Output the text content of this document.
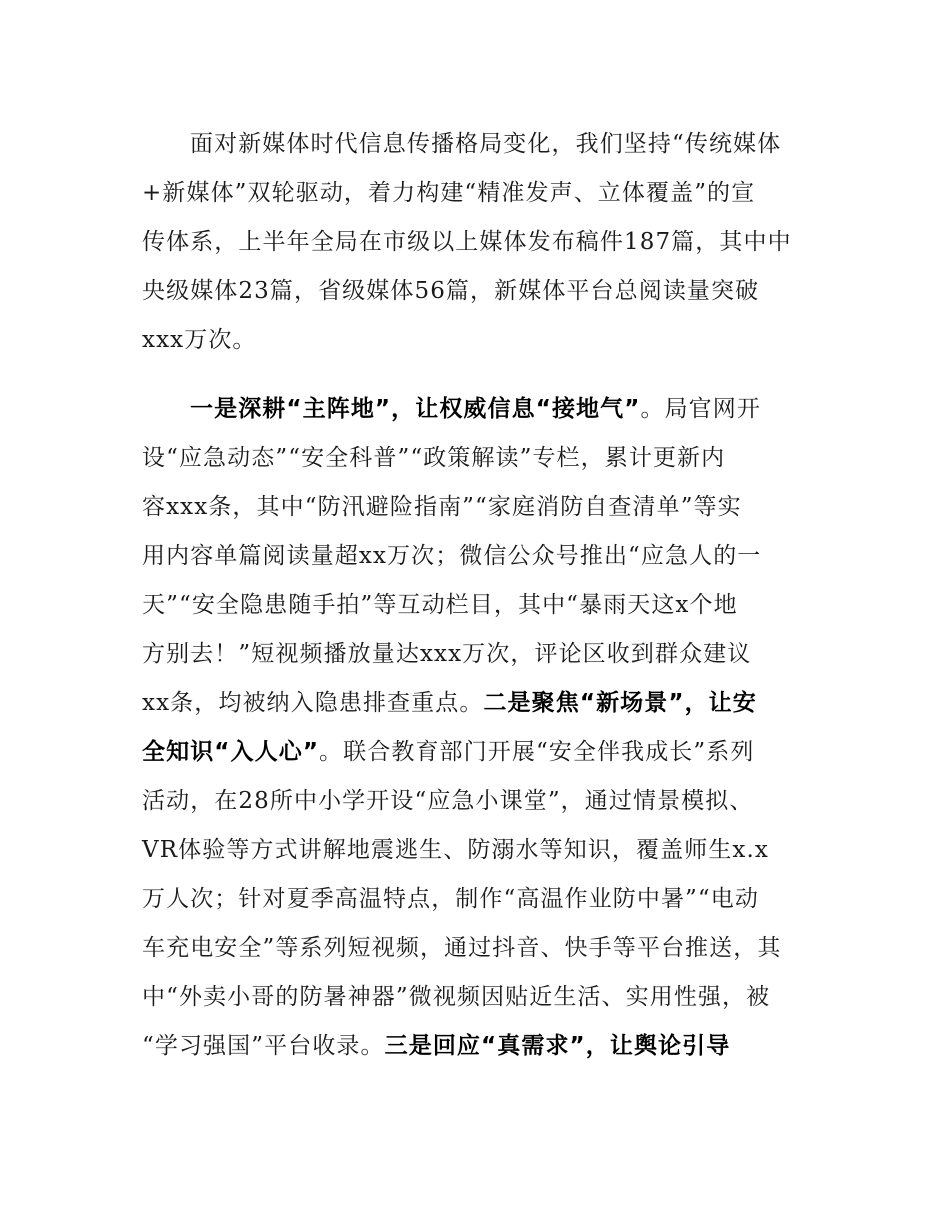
面对新媒体时代信息传播格局变化，我们坚持“传统媒体
+新媒体”双轮驱动，着力构建“精准发声、立体覆盖”的宣
传体系，上半年全局在市级以上媒体发布稿件187篇，其中中
央级媒体23篇，省级媒体56篇，新媒体平台总阅读量突破
xxx万次。
一是深耕“主阵地”，让权威信息“接地气”。局官网开
设“应急动态”“安全科普”“政策解读”专栏，累计更新内
容xxx条，其中“防汛避险指南”“家庭消防自查清单”等实
用内容单篇阅读量超xx万次；微信公众号推出“应急人的一
天”“安全隐患随手拍”等互动栏目，其中“暴雨天这x个地
方别去！”短视频播放量达xxx万次，评论区收到群众建议
xx条，均被纳入隐患排查重点。二是聚焦“新场景”，让安
全知识“入人心”。联合教育部门开展“安全伴我成长”系列
活动，在28所中小学开设“应急小课堂”，通过情景模拟、
VR体验等方式讲解地震逃生、防溺水等知识，覆盖师生x.x
万人次；针对夏季高温特点，制作“高温作业防中暑”“电动
车充电安全”等系列短视频，通过抖音、快手等平台推送，其
中“外卖小哥的防暑神器”微视频因贴近生活、实用性强，被
“学习强国”平台收录。三是回应“真需求”，让舆论引导
